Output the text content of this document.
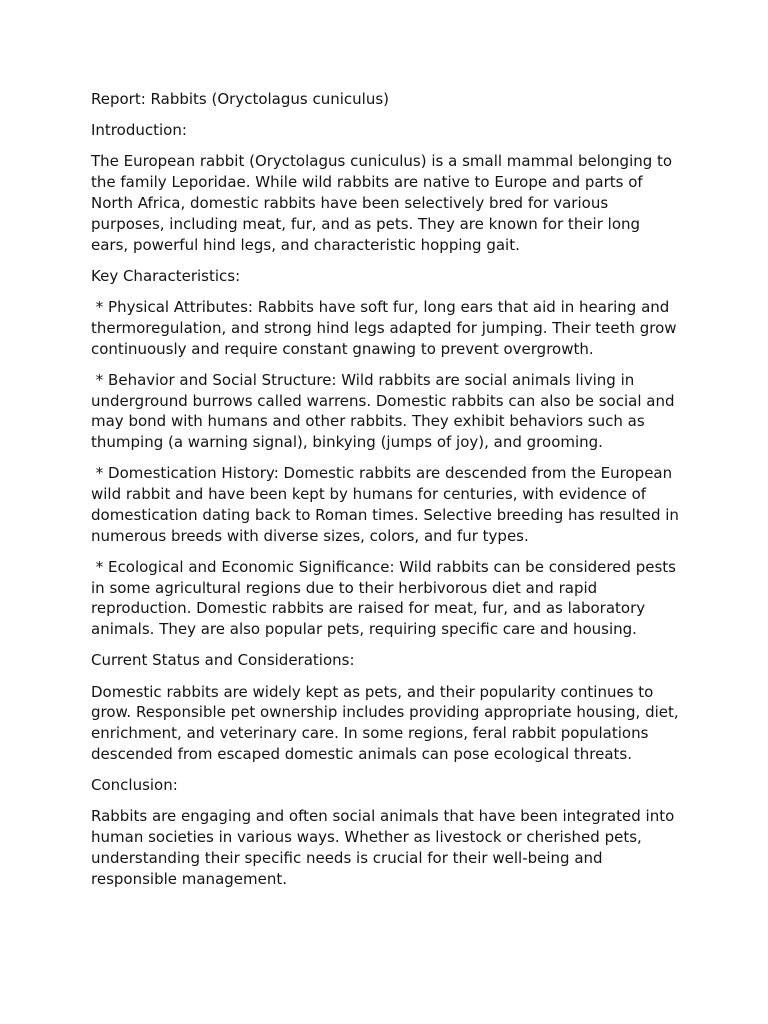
Report: Rabbits (Oryctolagus cuniculus)

Introduction:

The European rabbit (Oryctolagus cuniculus) is a small mammal belonging to the family Leporidae. While wild rabbits are native to Europe and parts of North Africa, domestic rabbits have been selectively bred for various purposes, including meat, fur, and as pets. They are known for their long ears, powerful hind legs, and characteristic hopping gait.

Key Characteristics:

* Physical Attributes: Rabbits have soft fur, long ears that aid in hearing and thermoregulation, and strong hind legs adapted for jumping. Their teeth grow continuously and require constant gnawing to prevent overgrowth.

* Behavior and Social Structure: Wild rabbits are social animals living in underground burrows called warrens. Domestic rabbits can also be social and may bond with humans and other rabbits. They exhibit behaviors such as thumping (a warning signal), binkying (jumps of joy), and grooming.

* Domestication History: Domestic rabbits are descended from the European wild rabbit and have been kept by humans for centuries, with evidence of domestication dating back to Roman times. Selective breeding has resulted in numerous breeds with diverse sizes, colors, and fur types.

* Ecological and Economic Significance: Wild rabbits can be considered pests in some agricultural regions due to their herbivorous diet and rapid reproduction. Domestic rabbits are raised for meat, fur, and as laboratory animals. They are also popular pets, requiring specific care and housing.

Current Status and Considerations:

Domestic rabbits are widely kept as pets, and their popularity continues to grow. Responsible pet ownership includes providing appropriate housing, diet, enrichment, and veterinary care. In some regions, feral rabbit populations descended from escaped domestic animals can pose ecological threats.

Conclusion:

Rabbits are engaging and often social animals that have been integrated into human societies in various ways. Whether as livestock or cherished pets, understanding their specific needs is crucial for their well-being and responsible management.
